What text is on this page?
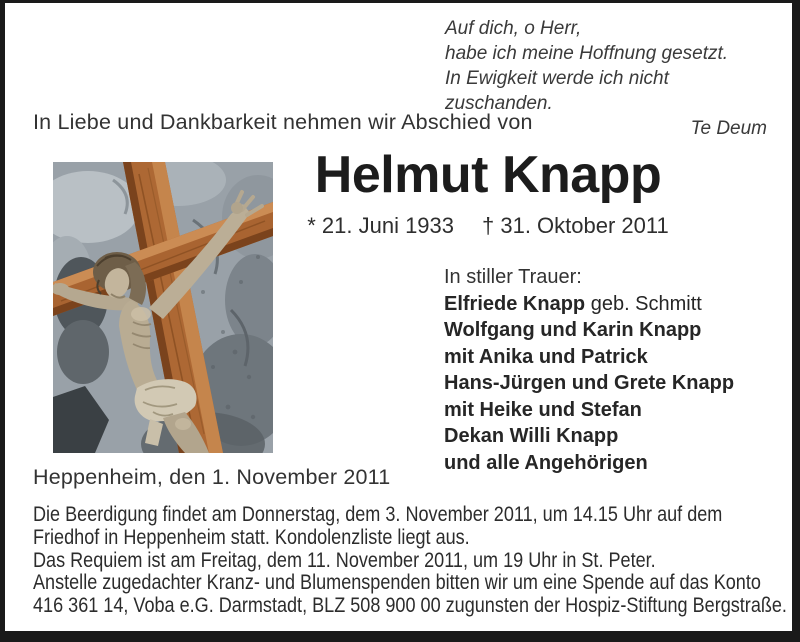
Auf dich, o Herr,
habe ich meine Hoffnung gesetzt.
In Ewigkeit werde ich nicht zuschanden.
Te Deum
In Liebe und Dankbarkeit nehmen wir Abschied von
Helmut Knapp
* 21. Juni 1933 † 31. Oktober 2011
In stiller Trauer:
Elfriede Knapp geb. Schmitt
Wolfgang und Karin Knapp
mit Anika und Patrick
Hans-Jürgen und Grete Knapp
mit Heike und Stefan
Dekan Willi Knapp
und alle Angehörigen
Heppenheim, den 1. November 2011
Die Beerdigung findet am Donnerstag, dem 3. November 2011, um 14.15 Uhr auf dem
Friedhof in Heppenheim statt. Kondolenzliste liegt aus.
Das Requiem ist am Freitag, dem 11. November 2011, um 19 Uhr in St. Peter.
Anstelle zugedachter Kranz- und Blumenspenden bitten wir um eine Spende auf das Konto
416 361 14, Voba e.G. Darmstadt, BLZ 508 900 00 zugunsten der Hospiz-Stiftung Bergstraße.
